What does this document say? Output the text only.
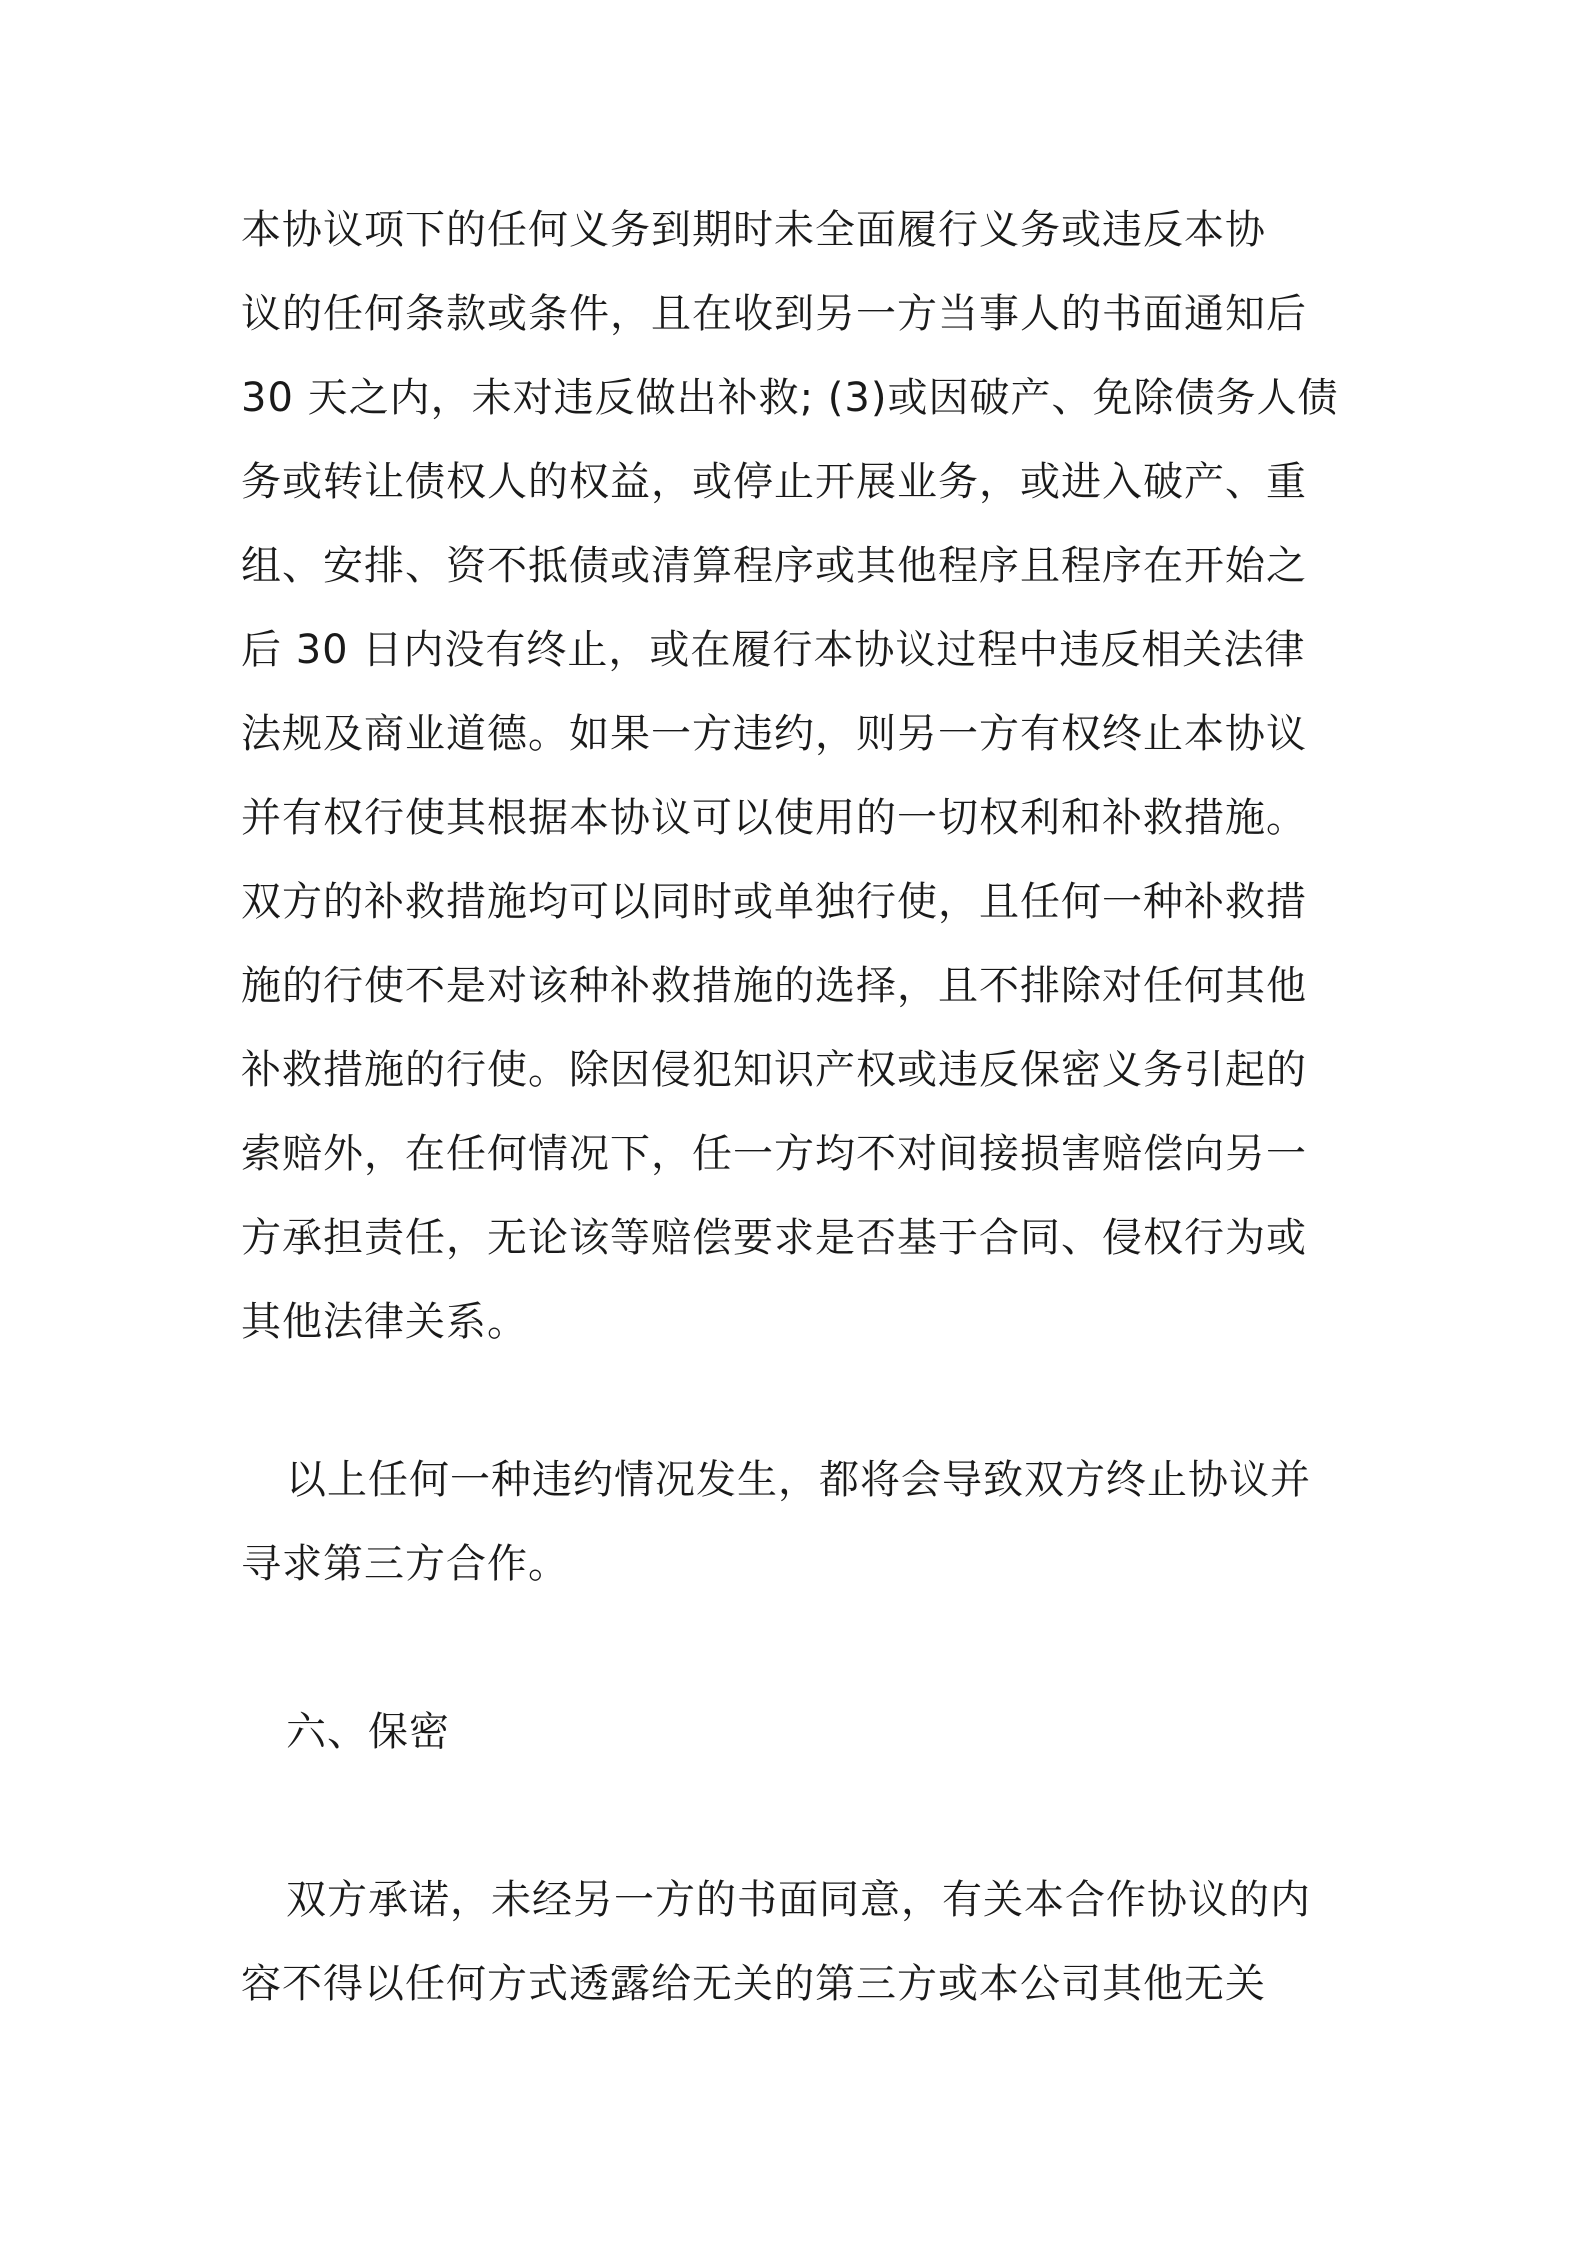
本协议项下的任何义务到期时未全面履行义务或违反本协
议的任何条款或条件，且在收到另一方当事人的书面通知后
30 天之内，未对违反做出补救; (3)或因破产、免除债务人债
务或转让债权人的权益，或停止开展业务，或进入破产、重
组、安排、资不抵债或清算程序或其他程序且程序在开始之
后 30 日内没有终止，或在履行本协议过程中违反相关法律
法规及商业道德。如果一方违约，则另一方有权终止本协议
并有权行使其根据本协议可以使用的一切权利和补救措施。
双方的补救措施均可以同时或单独行使，且任何一种补救措
施的行使不是对该种补救措施的选择，且不排除对任何其他
补救措施的行使。除因侵犯知识产权或违反保密义务引起的
索赔外，在任何情况下，任一方均不对间接损害赔偿向另一
方承担责任，无论该等赔偿要求是否基于合同、侵权行为或
其他法律关系。
以上任何一种违约情况发生，都将会导致双方终止协议并
寻求第三方合作。
六、保密
双方承诺，未经另一方的书面同意，有关本合作协议的内
容不得以任何方式透露给无关的第三方或本公司其他无关
